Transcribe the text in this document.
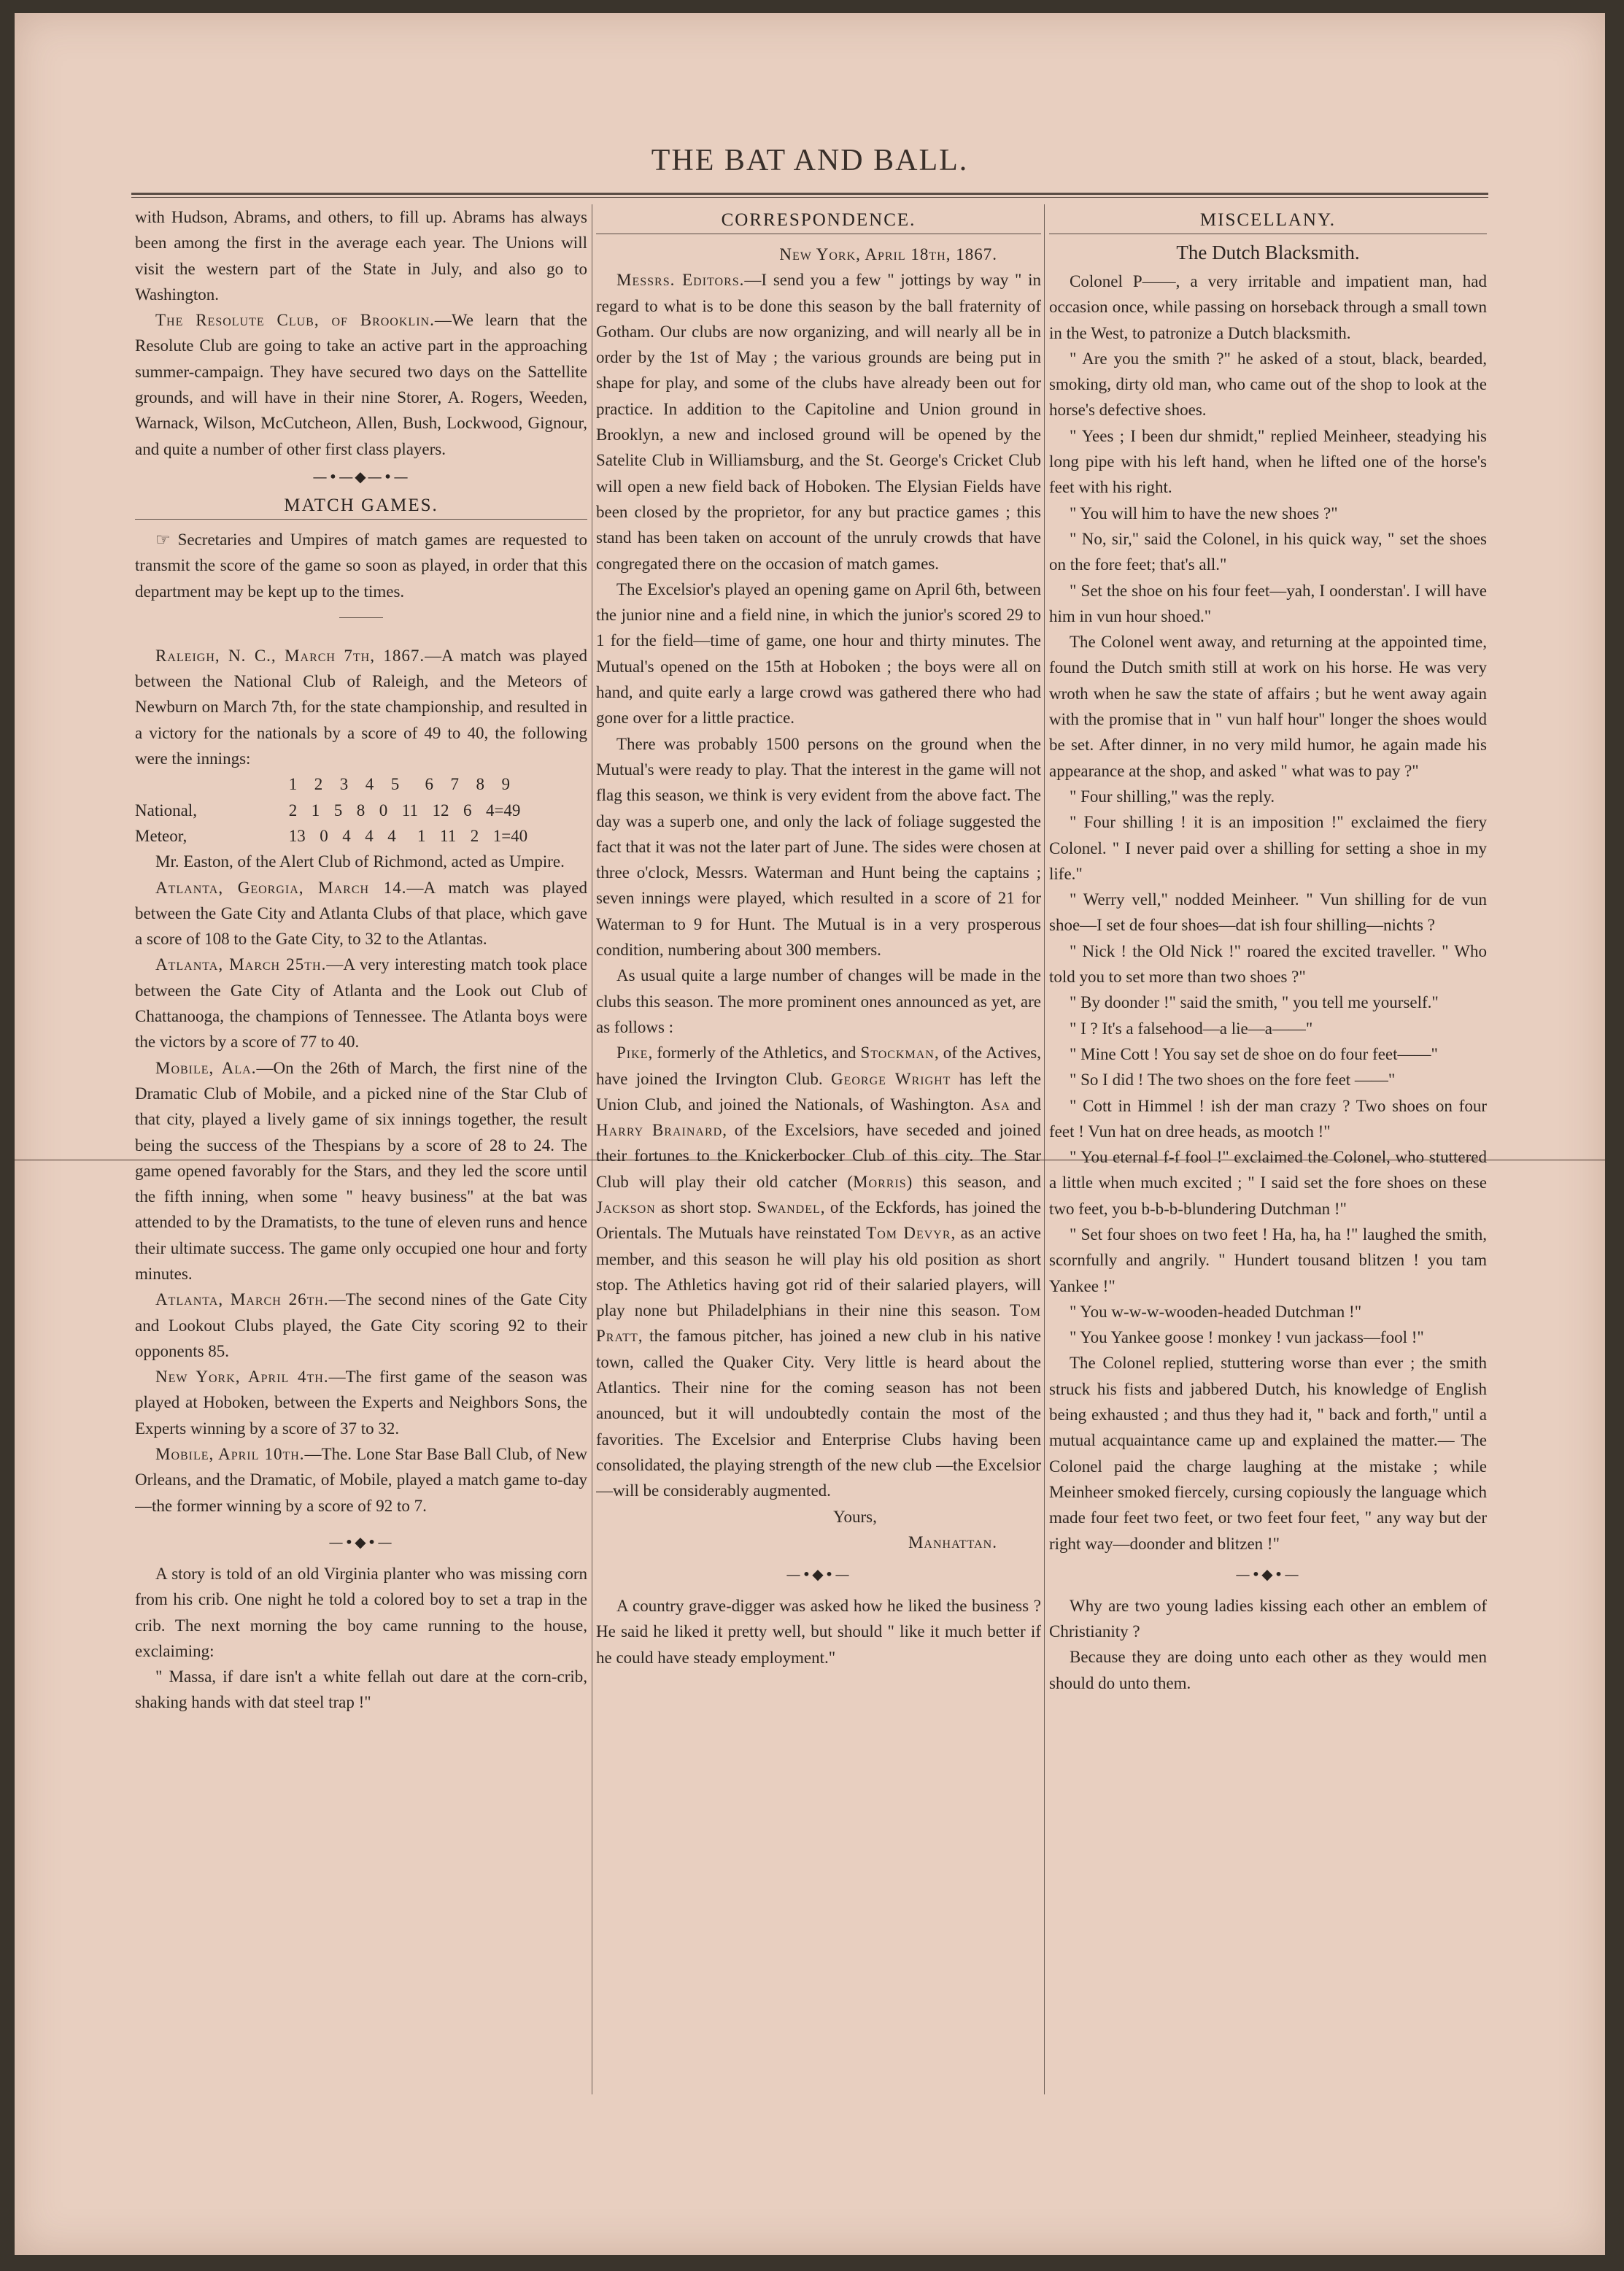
THE BAT AND BALL.

with Hudson, Abrams, and others, to fill up. Abrams has always been among the first in the average each year. The Unions will visit the western part of the State in July, and also go to Washington.

The Resolute Club, of Brooklin.—We learn that the Resolute Club are going to take an active part in the approaching summer-campaign. They have secured two days on the Sattellite grounds, and will have in their nine Storer, A. Rogers, Weeden, Warnack, Wilson, McCutcheon, Allen, Bush, Lockwood, Gignour, and quite a number of other first class players.

—•—◆—•—
MATCH GAMES.

☞ Secretaries and Umpires of match games are requested to transmit the score of the game so soon as played, in order that this department may be kept up to the times.

Raleigh, N. C., March 7th, 1867.—A match was played between the National Club of Raleigh, and the Meteors of Newburn on March 7th, for the state championship, and resulted in a victory for the nationals by a score of 49 to 40, the following were the innings:

	1  2  3  4  5   6  7  8  9
National,	2  1  5  8  0  11  12  6  4=49
Meteor,	13  0  4  4  4   1  11  2  1=40

Mr. Easton, of the Alert Club of Richmond, acted as Umpire.

Atlanta, Georgia, March 14.—A match was played between the Gate City and Atlanta Clubs of that place, which gave a score of 108 to the Gate City, to 32 to the Atlantas.

Atlanta, March 25th.—A very interesting match took place between the Gate City of Atlanta and the Look out Club of Chattanooga, the champions of Tennessee. The Atlanta boys were the victors by a score of 77 to 40.

Mobile, Ala.—On the 26th of March, the first nine of the Dramatic Club of Mobile, and a picked nine of the Star Club of that city, played a lively game of six innings together, the result being the success of the Thespians by a score of 28 to 24. The game opened favorably for the Stars, and they led the score until the fifth inning, when some " heavy business" at the bat was attended to by the Dramatists, to the tune of eleven runs and hence their ultimate success. The game only occupied one hour and forty minutes.

Atlanta, March 26th.—The second nines of the Gate City and Lookout Clubs played, the Gate City scoring 92 to their opponents 85.

New York, April 4th.—The first game of the season was played at Hoboken, between the Experts and Neighbors Sons, the Experts winning by a score of 37 to 32.

Mobile, April 10th.—The. Lone Star Base Ball Club, of New Orleans, and the Dramatic, of Mobile, played a match game to-day—the former winning by a score of 92 to 7.

—•◆•—

A story is told of an old Virginia planter who was missing corn from his crib. One night he told a colored boy to set a trap in the crib. The next morning the boy came running to the house, exclaiming:

" Massa, if dare isn't a white fellah out dare at the corn-crib, shaking hands with dat steel trap !"

CORRESPONDENCE.

New York, April 18th, 1867.

Messrs. Editors.—I send you a few " jottings by way " in regard to what is to be done this season by the ball fraternity of Gotham. Our clubs are now organizing, and will nearly all be in order by the 1st of May ; the various grounds are being put in shape for play, and some of the clubs have already been out for practice. In addition to the Capitoline and Union ground in Brooklyn, a new and inclosed ground will be opened by the Satelite Club in Williamsburg, and the St. George's Cricket Club will open a new field back of Hoboken. The Elysian Fields have been closed by the proprietor, for any but practice games ; this stand has been taken on account of the unruly crowds that have congregated there on the occasion of match games.

The Excelsior's played an opening game on April 6th, between the junior nine and a field nine, in which the junior's scored 29 to 1 for the field—time of game, one hour and thirty minutes. The Mutual's opened on the 15th at Hoboken ; the boys were all on hand, and quite early a large crowd was gathered there who had gone over for a little practice.

There was probably 1500 persons on the ground when the Mutual's were ready to play. That the interest in the game will not flag this season, we think is very evident from the above fact. The day was a superb one, and only the lack of foliage suggested the fact that it was not the later part of June. The sides were chosen at three o'clock, Messrs. Waterman and Hunt being the captains ; seven innings were played, which resulted in a score of 21 for Waterman to 9 for Hunt. The Mutual is in a very prosperous condition, numbering about 300 members.

As usual quite a large number of changes will be made in the clubs this season. The more prominent ones announced as yet, are as follows :

Pike, formerly of the Athletics, and Stockman, of the Actives, have joined the Irvington Club. George Wright has left the Union Club, and joined the Nationals, of Washington. Asa and Harry Brainard, of the Excelsiors, have seceded and joined their fortunes to the Knickerbocker Club of this city. The Star Club will play their old catcher (Morris) this season, and Jackson as short stop. Swandel, of the Eckfords, has joined the Orientals. The Mutuals have reinstated Tom Devyr, as an active member, and this season he will play his old position as short stop. The Athletics having got rid of their salaried players, will play none but Philadelphians in their nine this season. Tom Pratt, the famous pitcher, has joined a new club in his native town, called the Quaker City. Very little is heard about the Atlantics. Their nine for the coming season has not been anounced, but it will undoubtedly contain the most of the favorities. The Excelsior and Enterprise Clubs having been consolidated, the playing strength of the new club —the Excelsior—will be considerably augmented.

Yours,

Manhattan.

—•◆•—

A country grave-digger was asked how he liked the business ? He said he liked it pretty well, but should " like it much better if he could have steady employment."

MISCELLANY.
The Dutch Blacksmith.

Colonel P——, a very irritable and impatient man, had occasion once, while passing on horseback through a small town in the West, to patronize a Dutch blacksmith.

" Are you the smith ?" he asked of a stout, black, bearded, smoking, dirty old man, who came out of the shop to look at the horse's defective shoes.

" Yees ; I been dur shmidt," replied Meinheer, steadying his long pipe with his left hand, when he lifted one of the horse's feet with his right.

" You will him to have the new shoes ?"

" No, sir," said the Colonel, in his quick way, " set the shoes on the fore feet; that's all."

" Set the shoe on his four feet—yah, I oonderstan'. I will have him in vun hour shoed."

The Colonel went away, and returning at the appointed time, found the Dutch smith still at work on his horse. He was very wroth when he saw the state of affairs ; but he went away again with the promise that in " vun half hour" longer the shoes would be set. After dinner, in no very mild humor, he again made his appearance at the shop, and asked " what was to pay ?"

" Four shilling," was the reply.

" Four shilling ! it is an imposition !" exclaimed the fiery Colonel. " I never paid over a shilling for setting a shoe in my life."

" Werry vell," nodded Meinheer. " Vun shilling for de vun shoe—I set de four shoes—dat ish four shilling—nichts ?

" Nick ! the Old Nick !" roared the excited traveller. " Who told you to set more than two shoes ?"

" By doonder !" said the smith, " you tell me yourself."

" I ? It's a falsehood—a lie—a——"

" Mine Cott ! You say set de shoe on do four feet——"

" So I did ! The two shoes on the fore feet ——"

" Cott in Himmel ! ish der man crazy ? Two shoes on four feet ! Vun hat on dree heads, as mootch !"

" You eternal f-f fool !" exclaimed the Colonel, who stuttered a little when much excited ; " I said set the fore shoes on these two feet, you b-b-b-blundering Dutchman !"

" Set four shoes on two feet ! Ha, ha, ha !" laughed the smith, scornfully and angrily. " Hundert tousand blitzen ! you tam Yankee !"

" You w-w-w-wooden-headed Dutchman !"

" You Yankee goose ! monkey ! vun jackass—fool !"

The Colonel replied, stuttering worse than ever ; the smith struck his fists and jabbered Dutch, his knowledge of English being exhausted ; and thus they had it, " back and forth," until a mutual acquaintance came up and explained the matter.— The Colonel paid the charge laughing at the mistake ; while Meinheer smoked fiercely, cursing copiously the language which made four feet two feet, or two feet four feet, " any way but der right way—doonder and blitzen !"

—•◆•—

Why are two young ladies kissing each other an emblem of Christianity ?

Because they are doing unto each other as they would men should do unto them.
